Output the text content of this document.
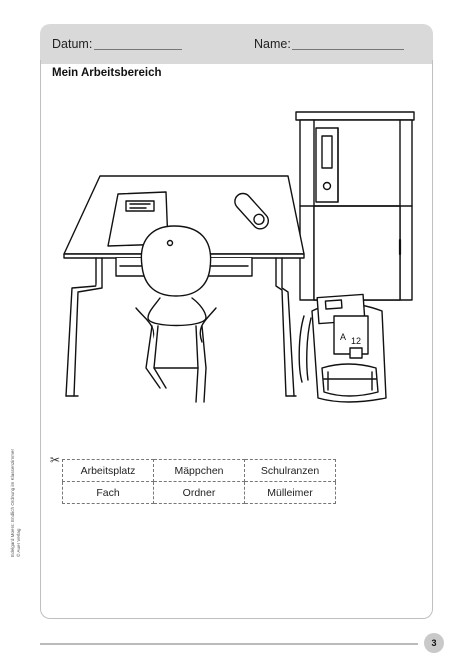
Datum:	Name:
Mein Arbeitsbereich
A 12
✂
Arbeitsplatz	Mäppchen	Schulranzen
Fach	Ordner	Mülleimer
Edelgard Moers: Endlich Ordnung im Klassenzimmer © Auer Verlag
3
